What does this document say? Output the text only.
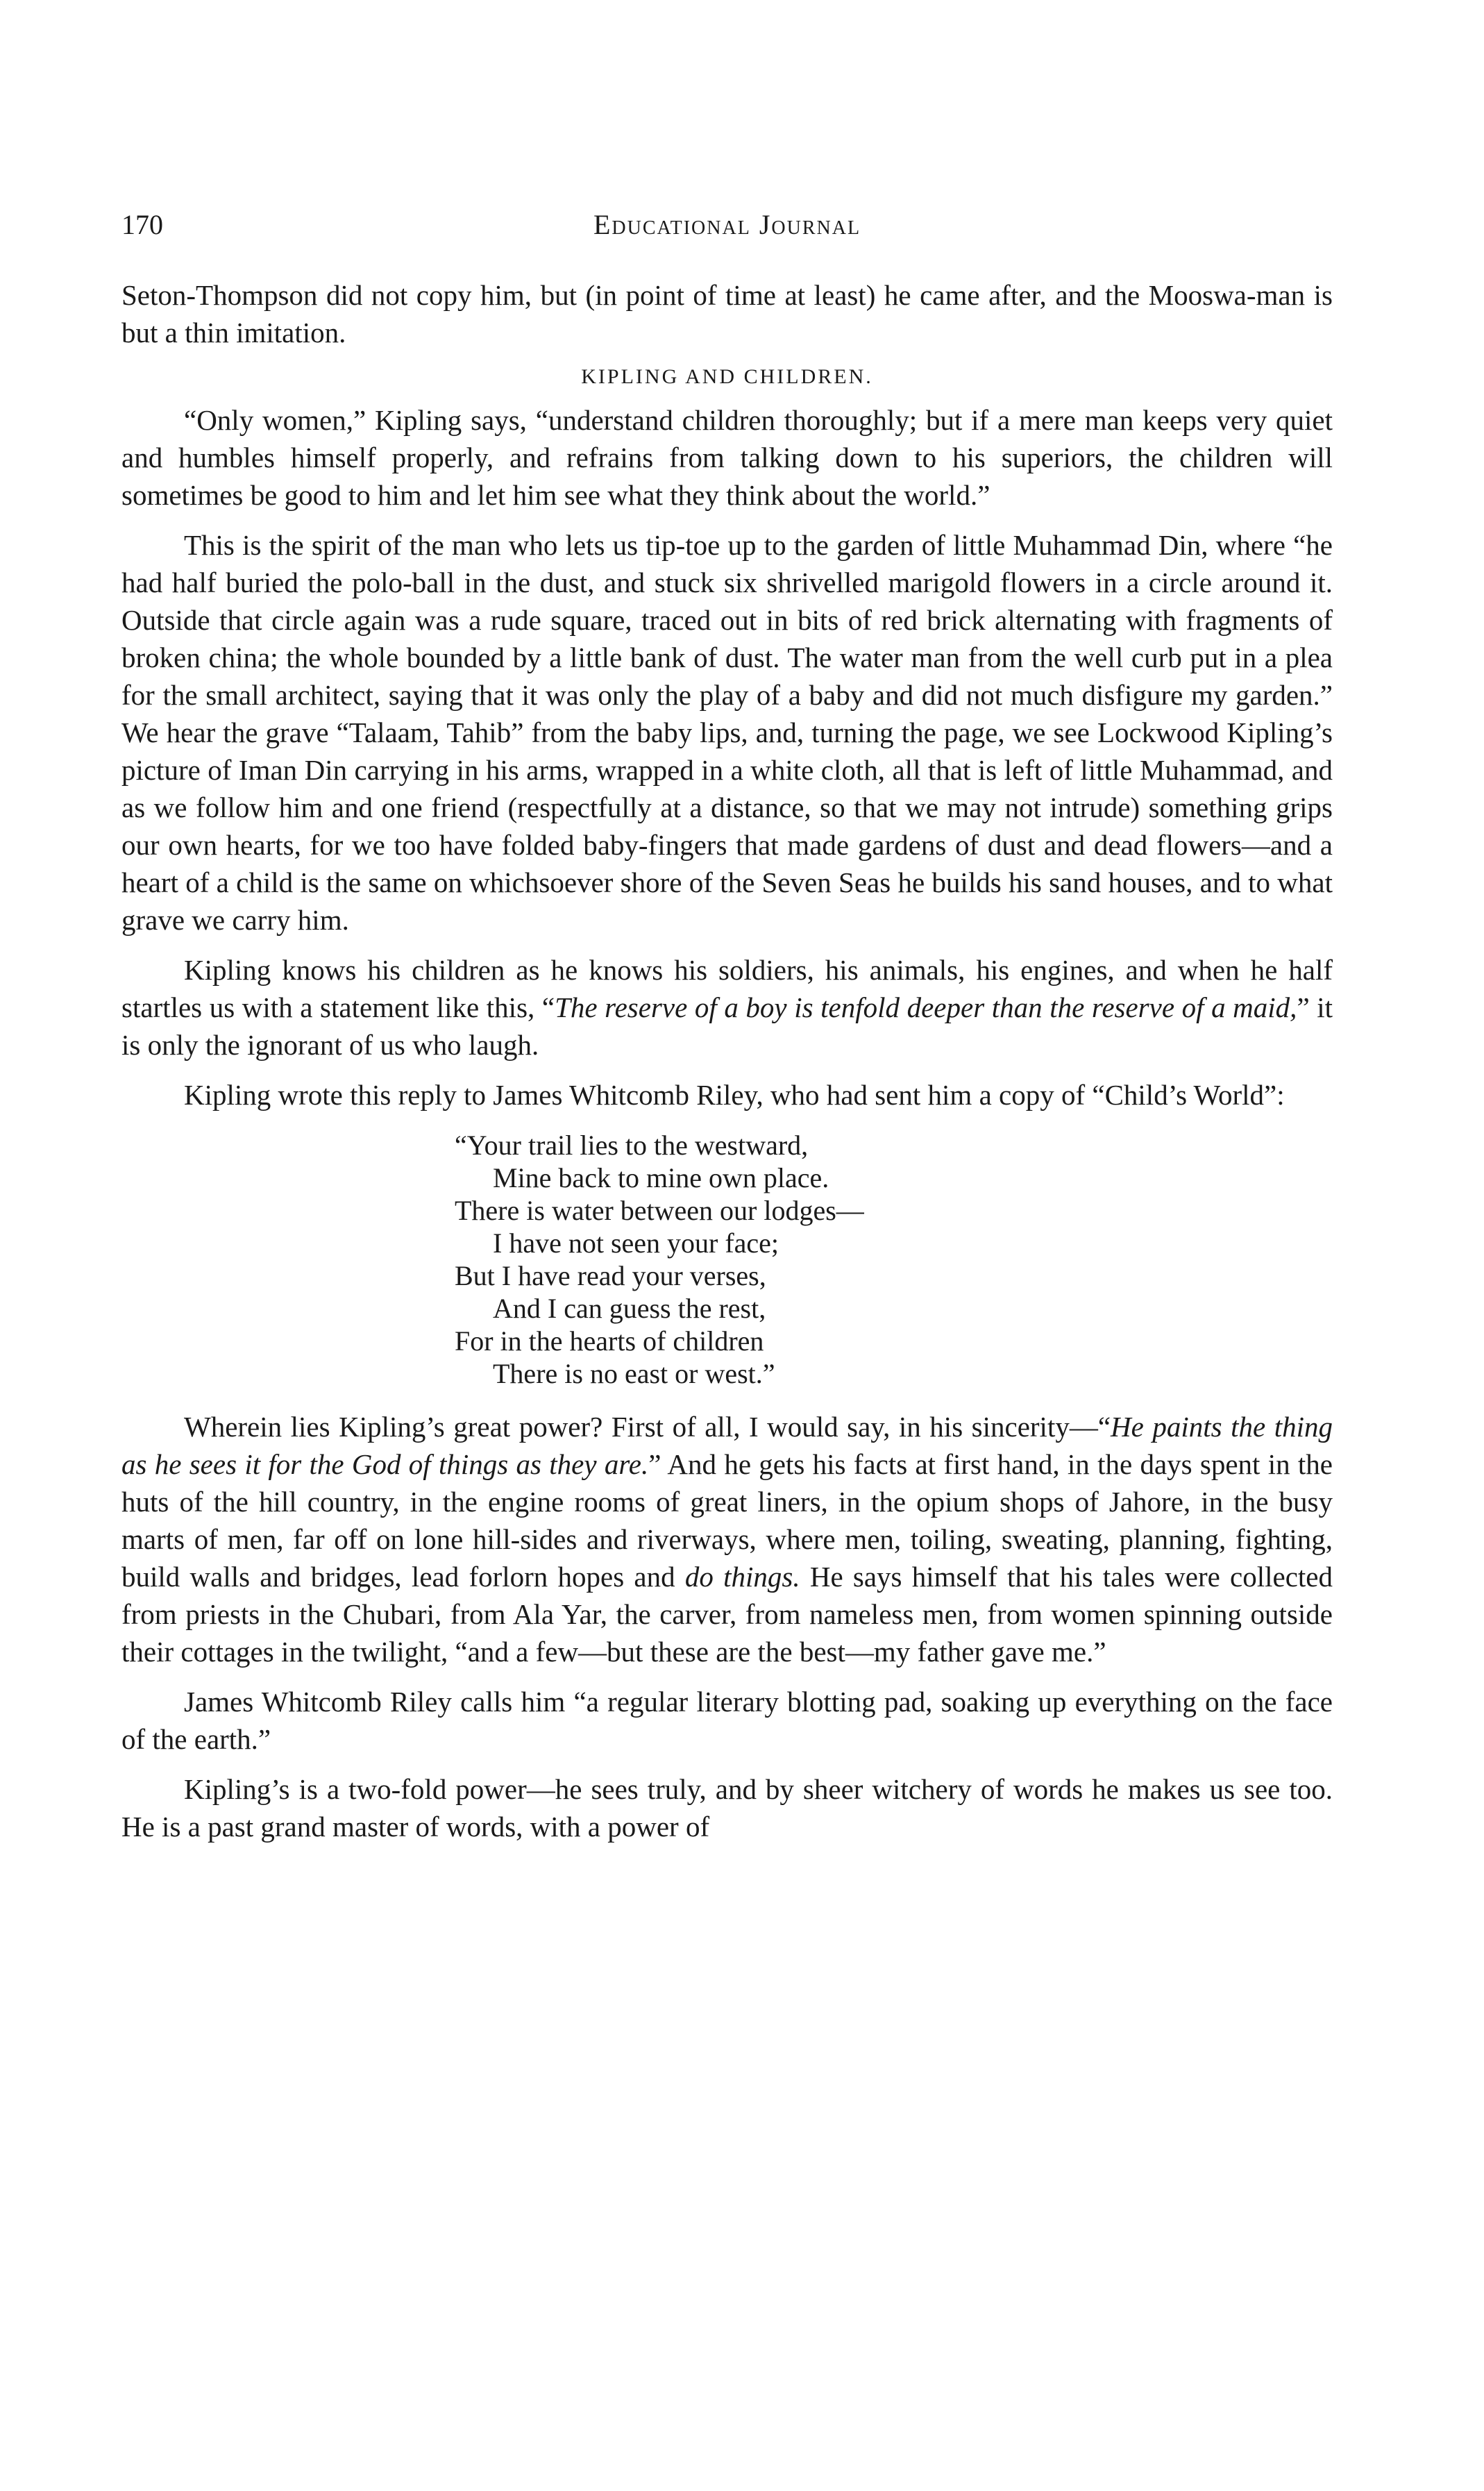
170	Educational Journal

Seton-Thompson did not copy him, but (in point of time at least) he came after, and the Mooswa-man is but a thin imitation.

KIPLING AND CHILDREN.

“Only women,” Kipling says, “understand children thoroughly; but if a mere man keeps very quiet and humbles himself properly, and refrains from talking down to his superiors, the children will sometimes be good to him and let him see what they think about the world.”

This is the spirit of the man who lets us tip-toe up to the garden of little Muhammad Din, where “he had half buried the polo-ball in the dust, and stuck six shrivelled marigold flowers in a circle around it. Outside that circle again was a rude square, traced out in bits of red brick alternating with fragments of broken china; the whole bounded by a little bank of dust. The water man from the well curb put in a plea for the small architect, saying that it was only the play of a baby and did not much disfigure my garden.” We hear the grave “Talaam, Tahib” from the baby lips, and, turning the page, we see Lockwood Kipling’s picture of Iman Din carrying in his arms, wrapped in a white cloth, all that is left of little Muhammad, and as we follow him and one friend (respectfully at a distance, so that we may not intrude) something grips our own hearts, for we too have folded baby-fingers that made gardens of dust and dead flowers—and a heart of a child is the same on whichsoever shore of the Seven Seas he builds his sand houses, and to what grave we carry him.

Kipling knows his children as he knows his soldiers, his animals, his engines, and when he half startles us with a statement like this, “The reserve of a boy is tenfold deeper than the reserve of a maid,” it is only the ignorant of us who laugh.

Kipling wrote this reply to James Whitcomb Riley, who had sent him a copy of “Child’s World”:

“Your trail lies to the westward,
Mine back to mine own place.
There is water between our lodges—
I have not seen your face;
But I have read your verses,
And I can guess the rest,
For in the hearts of children
There is no east or west.”

Wherein lies Kipling’s great power? First of all, I would say, in his sincerity—“He paints the thing as he sees it for the God of things as they are.” And he gets his facts at first hand, in the days spent in the huts of the hill country, in the engine rooms of great liners, in the opium shops of Jahore, in the busy marts of men, far off on lone hill-sides and riverways, where men, toiling, sweating, planning, fighting, build walls and bridges, lead forlorn hopes and do things. He says himself that his tales were collected from priests in the Chubari, from Ala Yar, the carver, from nameless men, from women spinning outside their cottages in the twilight, “and a few—but these are the best—my father gave me.”

James Whitcomb Riley calls him “a regular literary blotting pad, soaking up everything on the face of the earth.”

Kipling’s is a two-fold power—he sees truly, and by sheer witchery of words he makes us see too. He is a past grand master of words, with a power of
